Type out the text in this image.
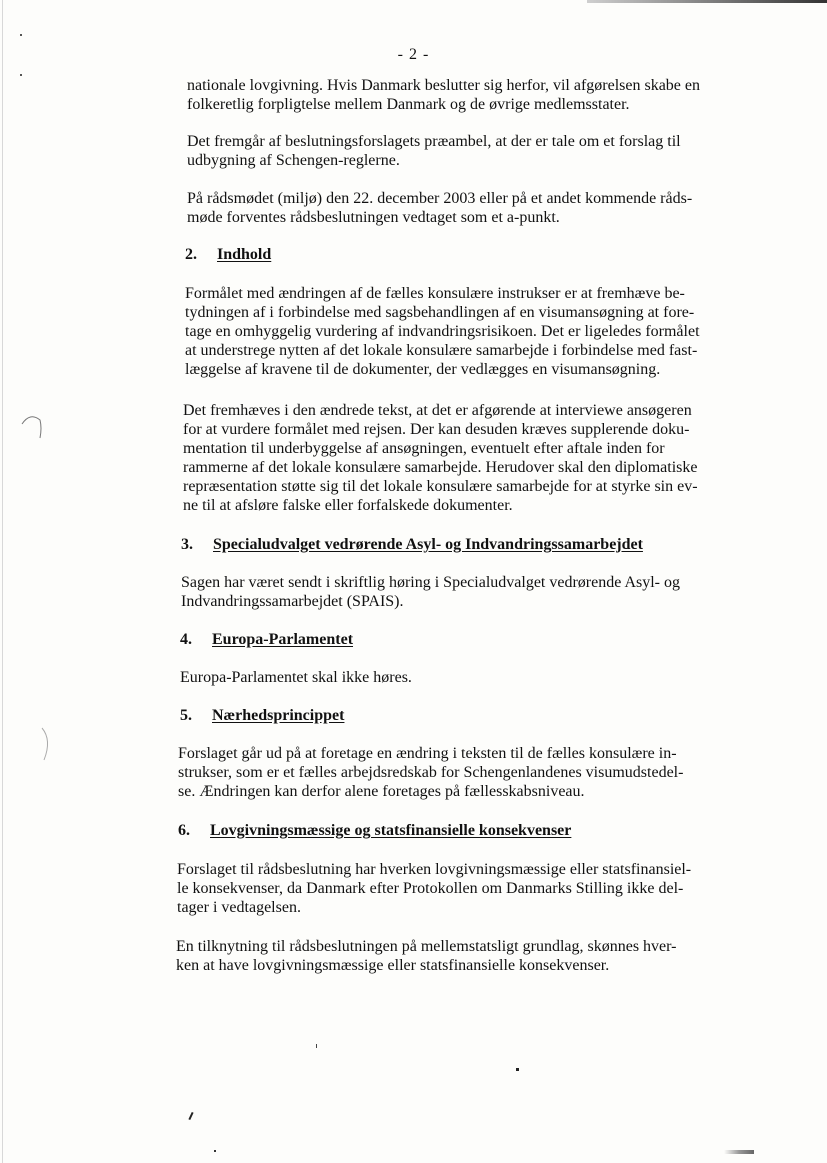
- 2 -
nationale lovgivning. Hvis Danmark beslutter sig herfor, vil afgørelsen skabe en
folkeretlig forpligtelse mellem Danmark og de øvrige medlemsstater.
Det fremgår af beslutningsforslagets præambel, at der er tale om et forslag til
udbygning af Schengen-reglerne.
På rådsmødet (miljø) den 22. december 2003 eller på et andet kommende råds-
møde forventes rådsbeslutningen vedtaget som et a-punkt.
2. Indhold
Formålet med ændringen af de fælles konsulære instrukser er at fremhæve be-
tydningen af i forbindelse med sagsbehandlingen af en visumansøgning at fore-
tage en omhyggelig vurdering af indvandringsrisikoen. Det er ligeledes formålet
at understrege nytten af det lokale konsulære samarbejde i forbindelse med fast-
læggelse af kravene til de dokumenter, der vedlægges en visumansøgning.
Det fremhæves i den ændrede tekst, at det er afgørende at interviewe ansøgeren
for at vurdere formålet med rejsen. Der kan desuden kræves supplerende doku-
mentation til underbyggelse af ansøgningen, eventuelt efter aftale inden for
rammerne af det lokale konsulære samarbejde. Herudover skal den diplomatiske
repræsentation støtte sig til det lokale konsulære samarbejde for at styrke sin ev-
ne til at afsløre falske eller forfalskede dokumenter.
3. Specialudvalget vedrørende Asyl- og Indvandringssamarbejdet
Sagen har været sendt i skriftlig høring i Specialudvalget vedrørende Asyl- og
Indvandringssamarbejdet (SPAIS).
4. Europa-Parlamentet
Europa-Parlamentet skal ikke høres.
5. Nærhedsprincippet
Forslaget går ud på at foretage en ændring i teksten til de fælles konsulære in-
strukser, som er et fælles arbejdsredskab for Schengenlandenes visumudstedel-
se. Ændringen kan derfor alene foretages på fællesskabsniveau.
6. Lovgivningsmæssige og statsfinansielle konsekvenser
Forslaget til rådsbeslutning har hverken lovgivningsmæssige eller statsfinansiel-
le konsekvenser, da Danmark efter Protokollen om Danmarks Stilling ikke del-
tager i vedtagelsen.
En tilknytning til rådsbeslutningen på mellemstatsligt grundlag, skønnes hver-
ken at have lovgivningsmæssige eller statsfinansielle konsekvenser.
